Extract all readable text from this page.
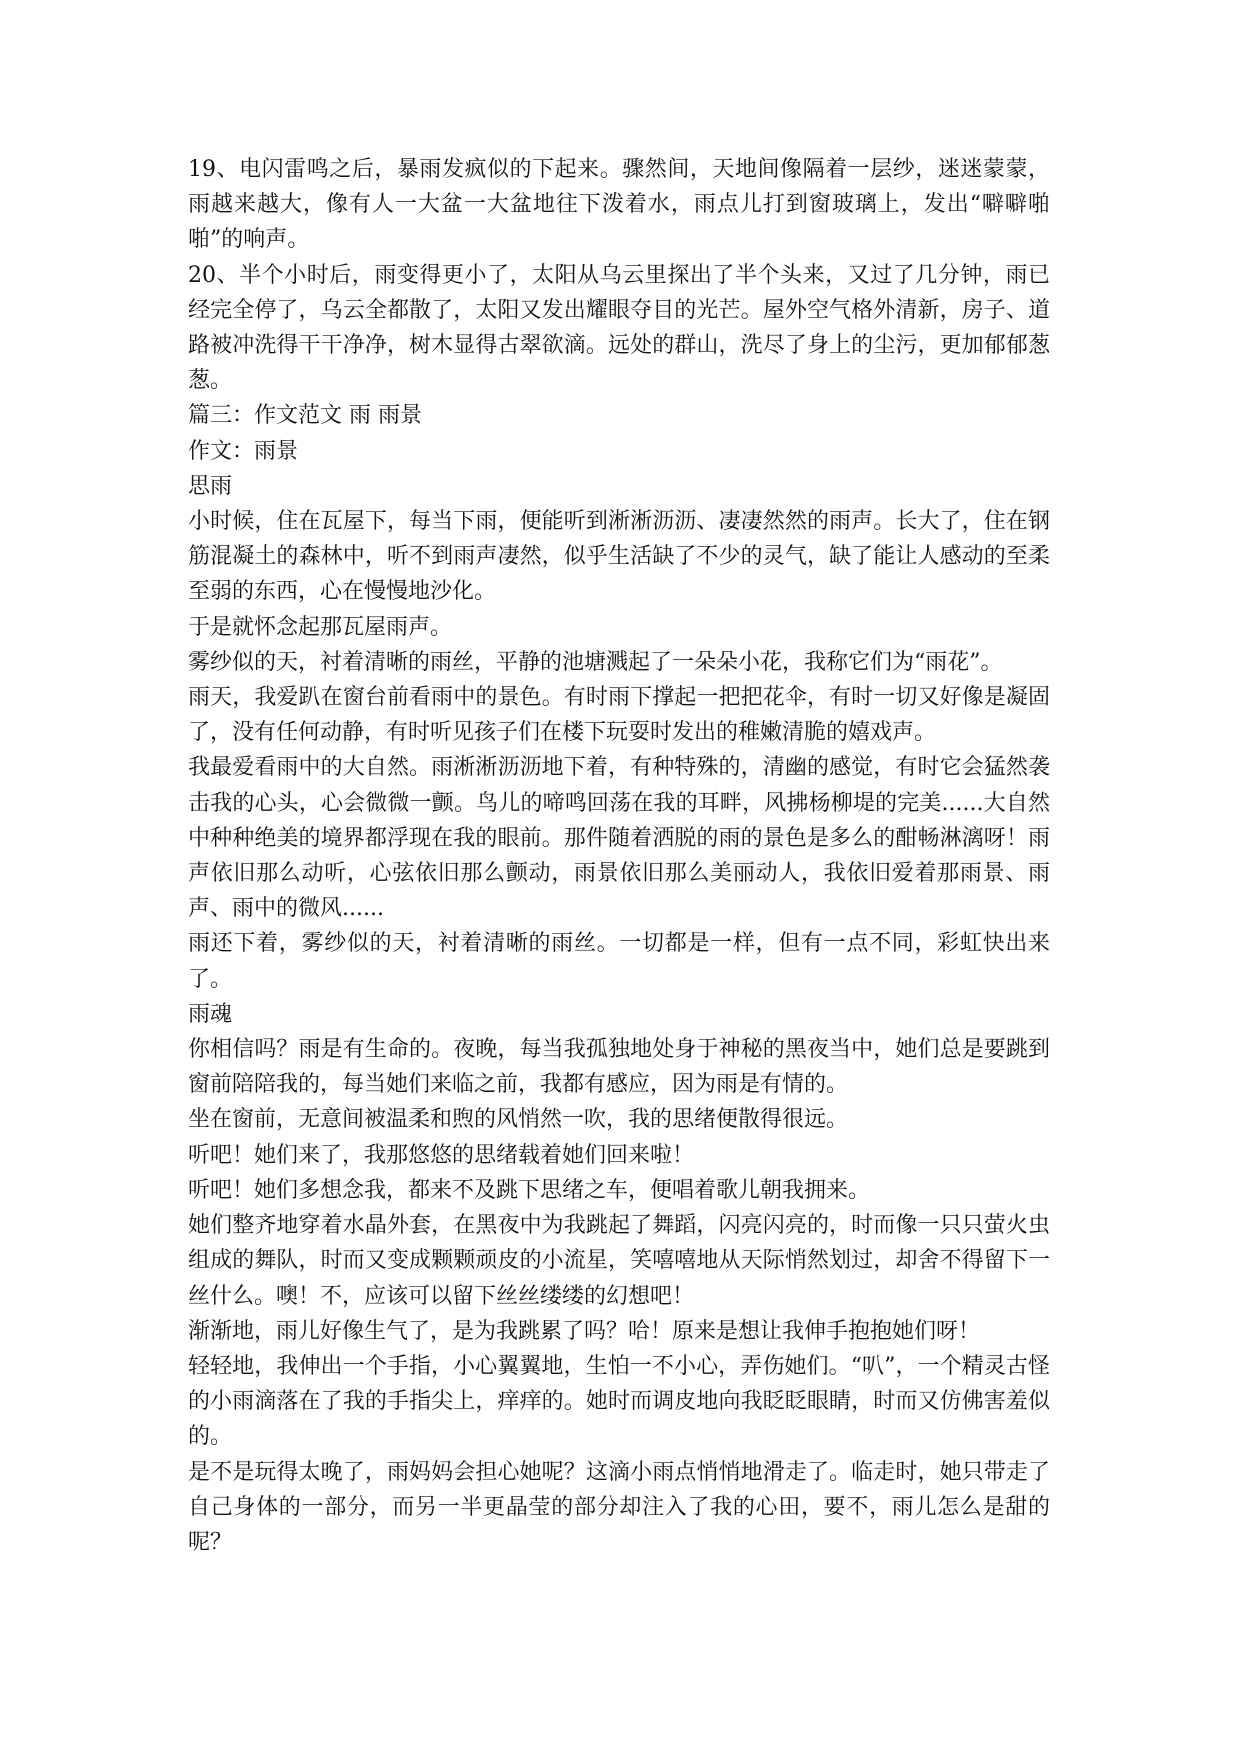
19、电闪雷鸣之后，暴雨发疯似的下起来。骤然间，天地间像隔着一层纱，迷迷蒙蒙，雨越来越大，像有人一大盆一大盆地往下泼着水，雨点儿打到窗玻璃上，发出“噼噼啪啪”的响声。

20、半个小时后，雨变得更小了，太阳从乌云里探出了半个头来，又过了几分钟，雨已经完全停了，乌云全都散了，太阳又发出耀眼夺目的光芒。屋外空气格外清新，房子、道路被冲洗得干干净净，树木显得古翠欲滴。远处的群山，洗尽了身上的尘污，更加郁郁葱葱。

篇三：作文范文 雨 雨景

作文：雨景

思雨

小时候，住在瓦屋下，每当下雨，便能听到淅淅沥沥、凄凄然然的雨声。长大了，住在钢筋混凝土的森林中，听不到雨声凄然，似乎生活缺了不少的灵气，缺了能让人感动的至柔至弱的东西，心在慢慢地沙化。

于是就怀念起那瓦屋雨声。

雾纱似的天，衬着清晰的雨丝，平静的池塘溅起了一朵朵小花，我称它们为“雨花”。

雨天，我爱趴在窗台前看雨中的景色。有时雨下撑起一把把花伞，有时一切又好像是凝固了，没有任何动静，有时听见孩子们在楼下玩耍时发出的稚嫩清脆的嬉戏声。

我最爱看雨中的大自然。雨淅淅沥沥地下着，有种特殊的，清幽的感觉，有时它会猛然袭击我的心头，心会微微一颤。鸟儿的啼鸣回荡在我的耳畔，风拂杨柳堤的完美......大自然中种种绝美的境界都浮现在我的眼前。那件随着洒脱的雨的景色是多么的酣畅淋漓呀！雨声依旧那么动听，心弦依旧那么颤动，雨景依旧那么美丽动人，我依旧爱着那雨景、雨声、雨中的微风......

雨还下着，雾纱似的天，衬着清晰的雨丝。一切都是一样，但有一点不同，彩虹快出来了。

雨魂

你相信吗？雨是有生命的。夜晚，每当我孤独地处身于神秘的黑夜当中，她们总是要跳到窗前陪陪我的，每当她们来临之前，我都有感应，因为雨是有情的。

坐在窗前，无意间被温柔和煦的风悄然一吹，我的思绪便散得很远。

听吧！她们来了，我那悠悠的思绪载着她们回来啦！

听吧！她们多想念我，都来不及跳下思绪之车，便唱着歌儿朝我拥来。

她们整齐地穿着水晶外套，在黑夜中为我跳起了舞蹈，闪亮闪亮的，时而像一只只萤火虫组成的舞队，时而又变成颗颗顽皮的小流星，笑嘻嘻地从天际悄然划过，却舍不得留下一丝什么。噢！不，应该可以留下丝丝缕缕的幻想吧！

渐渐地，雨儿好像生气了，是为我跳累了吗？哈！原来是想让我伸手抱抱她们呀！

轻轻地，我伸出一个手指，小心翼翼地，生怕一不小心，弄伤她们。“叭”，一个精灵古怪的小雨滴落在了我的手指尖上，痒痒的。她时而调皮地向我眨眨眼睛，时而又仿佛害羞似的。

是不是玩得太晚了，雨妈妈会担心她呢？这滴小雨点悄悄地滑走了。临走时，她只带走了自己身体的一部分，而另一半更晶莹的部分却注入了我的心田，要不，雨儿怎么是甜的呢？
